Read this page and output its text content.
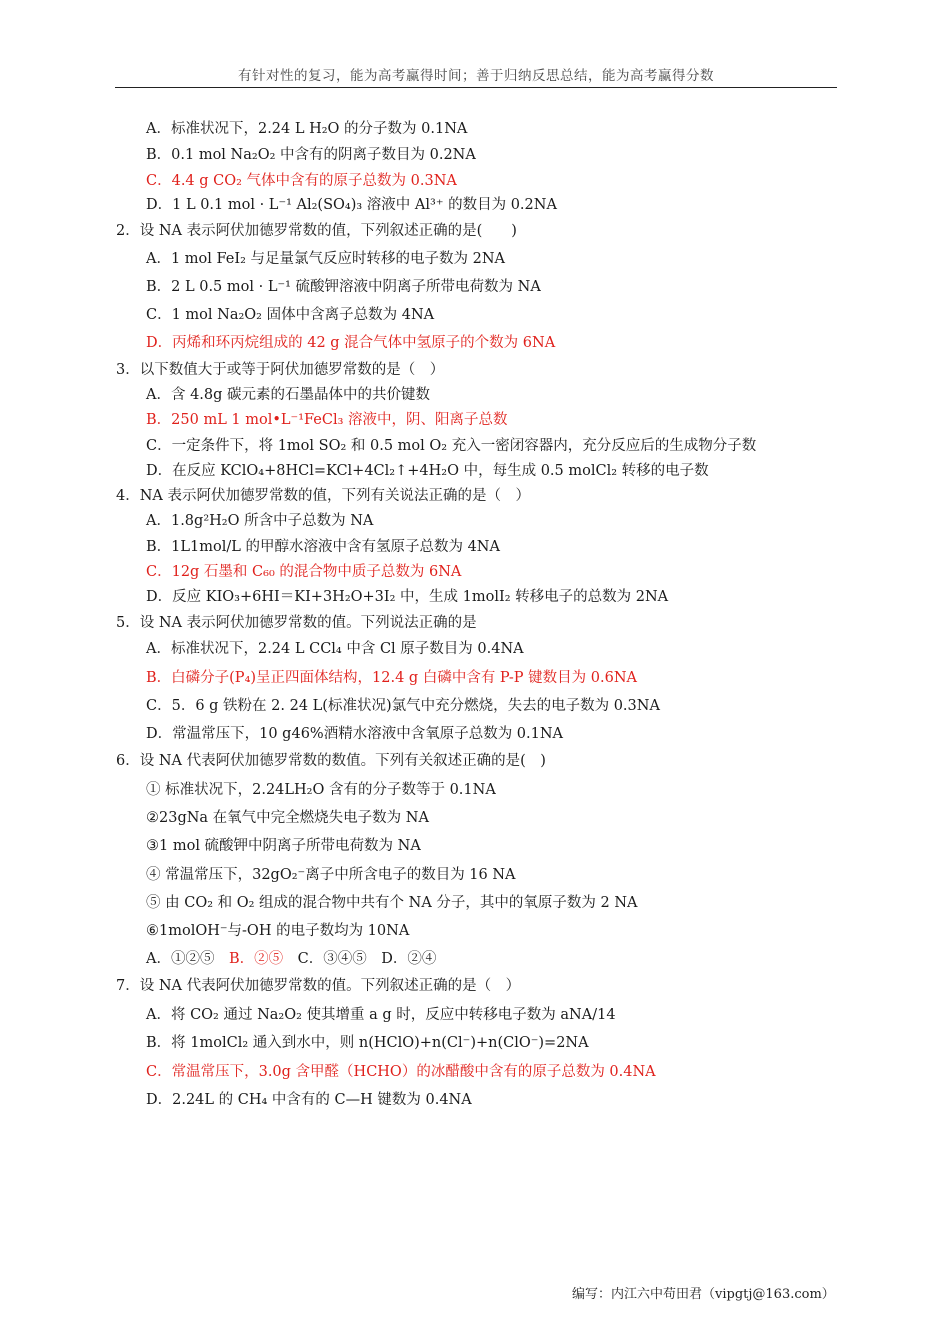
有针对性的复习，能为高考赢得时间；善于归纳反思总结，能为高考赢得分数
A．标准状况下，2.24 L H₂O 的分子数为 0.1NA
B．0.1 mol Na₂O₂ 中含有的阴离子数目为 0.2NA
C．4.4 g CO₂ 气体中含有的原子总数为 0.3NA
D．1 L 0.1 mol · L⁻¹ Al₂(SO₄)₃ 溶液中 Al³⁺ 的数目为 0.2NA
2．设 NA 表示阿伏加德罗常数的值，下列叙述正确的是(　　)
A．1 mol FeI₂ 与足量氯气反应时转移的电子数为 2NA
B．2 L 0.5 mol · L⁻¹ 硫酸钾溶液中阴离子所带电荷数为 NA
C．1 mol Na₂O₂ 固体中含离子总数为 4NA
D．丙烯和环丙烷组成的 42 g 混合气体中氢原子的个数为 6NA
3．以下数值大于或等于阿伏加德罗常数的是（　）
A．含 4.8g 碳元素的石墨晶体中的共价键数
B．250 mL 1 mol•L⁻¹FeCl₃ 溶液中，阴、阳离子总数
C．一定条件下，将 1mol SO₂ 和 0.5 mol O₂ 充入一密闭容器内，充分反应后的生成物分子数
D．在反应 KClO₄+8HCl=KCl+4Cl₂↑+4H₂O 中，每生成 0.5 molCl₂ 转移的电子数
4．NA 表示阿伏加德罗常数的值，下列有关说法正确的是（　）
A．1.8g²H₂O 所含中子总数为 NA
B．1L1mol/L 的甲醇水溶液中含有氢原子总数为 4NA
C．12g 石墨和 C₆₀ 的混合物中质子总数为 6NA
D．反应 KIO₃+6HI＝KI+3H₂O+3I₂ 中，生成 1molI₂ 转移电子的总数为 2NA
5．设 NA 表示阿伏加德罗常数的值。下列说法正确的是
A．标准状况下，2.24 L CCl₄ 中含 Cl 原子数目为 0.4NA
B．白磷分子(P₄)呈正四面体结构，12.4 g 白磷中含有 P-P 键数目为 0.6NA
C．5．6 g 铁粉在 2. 24 L(标准状况)氯气中充分燃烧，失去的电子数为 0.3NA
D．常温常压下，10 g46%酒精水溶液中含氧原子总数为 0.1NA
6．设 NA 代表阿伏加德罗常数的数值。下列有关叙述正确的是(　)
① 标准状况下，2.24LH₂O 含有的分子数等于 0.1NA
②23gNa 在氧气中完全燃烧失电子数为 NA
③1 mol 硫酸钾中阴离子所带电荷数为 NA
④ 常温常压下，32gO₂⁻离子中所含电子的数目为 16 NA
⑤ 由 CO₂ 和 O₂ 组成的混合物中共有个 NA 分子，其中的氧原子数为 2 NA
⑥1molOH⁻与-OH 的电子数均为 10NA
A．①②⑤　B．②⑤　C．③④⑤　D．②④
7．设 NA 代表阿伏加德罗常数的值。下列叙述正确的是（　）
A．将 CO₂ 通过 Na₂O₂ 使其增重 a g 时，反应中转移电子数为 aNA/14
B．将 1molCl₂ 通入到水中，则 n(HClO)+n(Cl⁻)+n(ClO⁻)=2NA
C．常温常压下，3.0g 含甲醛（HCHO）的冰醋酸中含有的原子总数为 0.4NA
D．2.24L 的 CH₄ 中含有的 C—H 键数为 0.4NA
编写：内江六中苟田君（vipgtj@163.com）
